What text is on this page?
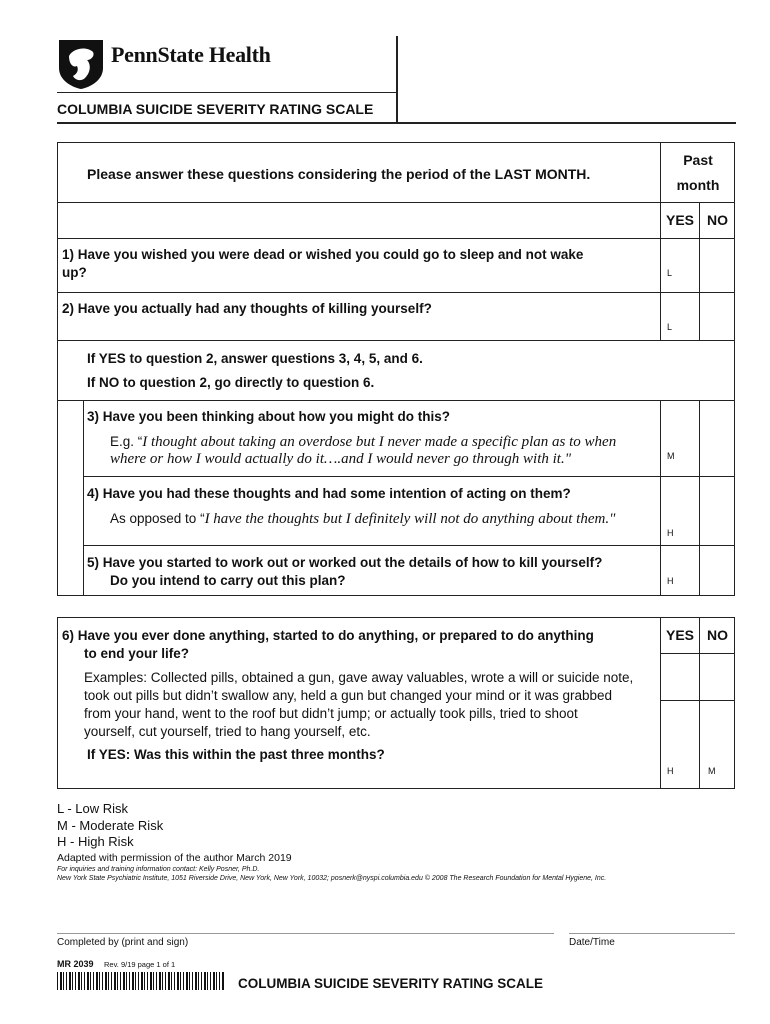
PennState Health
COLUMBIA SUICIDE SEVERITY RATING SCALE
Please answer these questions considering the period of the LAST MONTH.
Past
month
YES NO
1) Have you wished you were dead or wished you could go to sleep and not wake
up?	L
2) Have you actually had any thoughts of killing yourself?
L
If YES to question 2, answer questions 3, 4, 5, and 6.
If NO to question 2, go directly to question 6.
3) Have you been thinking about how you might do this?
E.g. “I thought about taking an overdose but I never made a specific plan as to when
where or how I would actually do it….and I would never go through with it."	M
4) Have you had these thoughts and had some intention of acting on them?
As opposed to “I have the thoughts but I definitely will not do anything about them."
H
5) Have you started to work out or worked out the details of how to kill yourself?
Do you intend to carry out this plan?	H
6) Have you ever done anything, started to do anything, or prepared to do anything
to end your life?
YES NO
Examples: Collected pills, obtained a gun, gave away valuables, wrote a will or suicide note,
took out pills but didn’t swallow any, held a gun but changed your mind or it was grabbed
from your hand, went to the roof but didn’t jump; or actually took pills, tried to shoot
yourself, cut yourself, tried to hang yourself, etc.
If YES: Was this within the past three months?
H	M
L - Low Risk
M - Moderate Risk
H - High Risk
Adapted with permission of the author March 2019
For inquiries and training information contact: Kelly Posner, Ph.D.
New York State Psychiatric Institute, 1051 Riverside Drive, New York, New York, 10032; posnerk@nyspi.columbia.edu © 2008 The Research Foundation for Mental Hygiene, Inc.
Completed by (print and sign)	Date/Time
MR 2039 Rev. 9/19 page 1 of 1
COLUMBIA SUICIDE SEVERITY RATING SCALE
